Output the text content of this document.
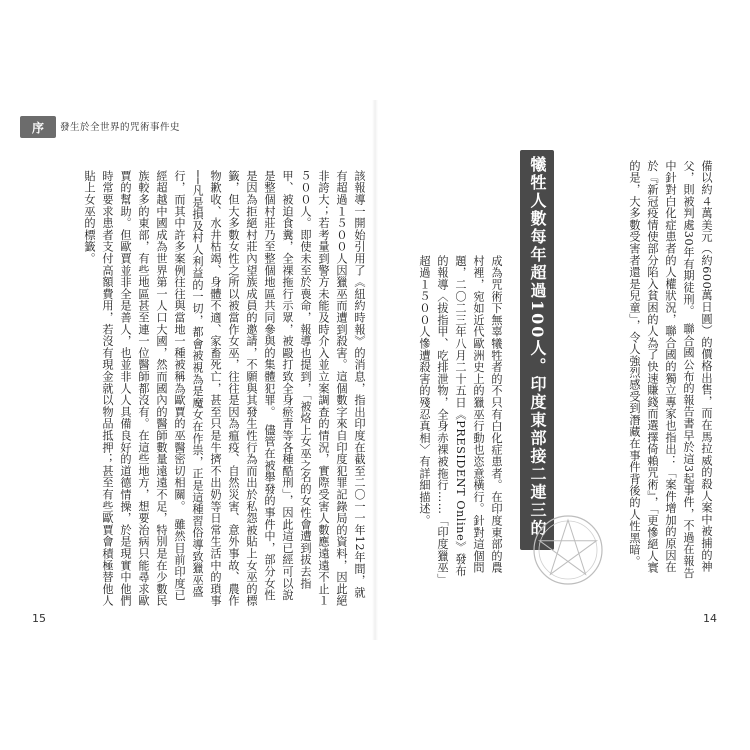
序	發生於全世界的咒術事件史
該報導一開始引用了《紐約時報》的消息，指出印度在截至二〇一一年12年間，就有超過１５００人因獵巫而遭到殺害。這個數字來自印度犯罪記錄局的資料，因此絕非誇大；若考量到警方未能及時介入並立案調查的情況，實際受害人數應遠遠不止１５００人。即使未至於喪命，報導也提到，「被烙上女巫之名的女性會遭到拔去指甲、被迫食糞，全裸拖行示眾，被毆打致全身瘀青等各種酷刑」，因此這已經可以說是整個村莊乃至整個地區共同參與的集體犯罪。　儘管在被舉發的事件中，部分女性是因為拒絕村莊內望族成員的邀請，不願與其發生性行為而出於私怨被貼上女巫的標籤，但大多數女性之所以被當作女巫，往往是因為瘟疫、自然災害、意外事故、農作物歉收、水井枯竭、身體不適、家畜死亡，甚至只是牛擠不出奶等日常生活中的瑣事──凡是損及村人利益的一切，都會被視為是魔女在作祟，正是這種習俗導致獵巫盛行，而其中許多案例往往與當地一種被稱為歐賈的巫醫密切相關。　雖然目前印度已經超越中國成為世界第一人口大國，然而國內的醫師數量遠遠不足，特別是在少數民族較多的東部，有些地區甚至連一位醫師都沒有。在這些地方，想要治病只能尋求歐賈的幫助。但歐賈並非全是善人，也並非人人具備良好的道德情操，於是現實中他們時常要求患者支付高額費用，若沒有現金就以物品抵押；甚至有些歐賈會積極替他人貼上女巫的標籤。	備以約４萬美元（約600萬日圓）的價格出售，而在馬拉威的殺人案中被捕的神父，則被判處30年有期徒刑。　聯合國公布的報告書早於這3起事件，不過在報告中針對白化症患者的人權狀況，聯合國的獨立專家也指出：「案件增加的原因在於『新冠疫情使部分陷入貧困的人為了快速賺錢而選擇倚賴咒術』，「更慘絕人寰的是，大多數受害者還是兒童」，令人強烈感受到潛藏在事件背後的人性黑暗。
犧牲人數每年超過100人。印度東部接二連三的獵巫行動
成為咒術下無辜犧牲者的不只有白化症患者。在印度東部的農村裡，宛如近代歐洲史上的獵巫行動也恣意橫行。針對這個問題，二〇二三年八月二十五日《PRESIDENT Online》發布的報導〈拔指甲、吃排泄物，全身赤裸被拖行……「印度獵巫」超過１５００人慘遭殺害的殘忍真相〉有詳細描述。
15	14
